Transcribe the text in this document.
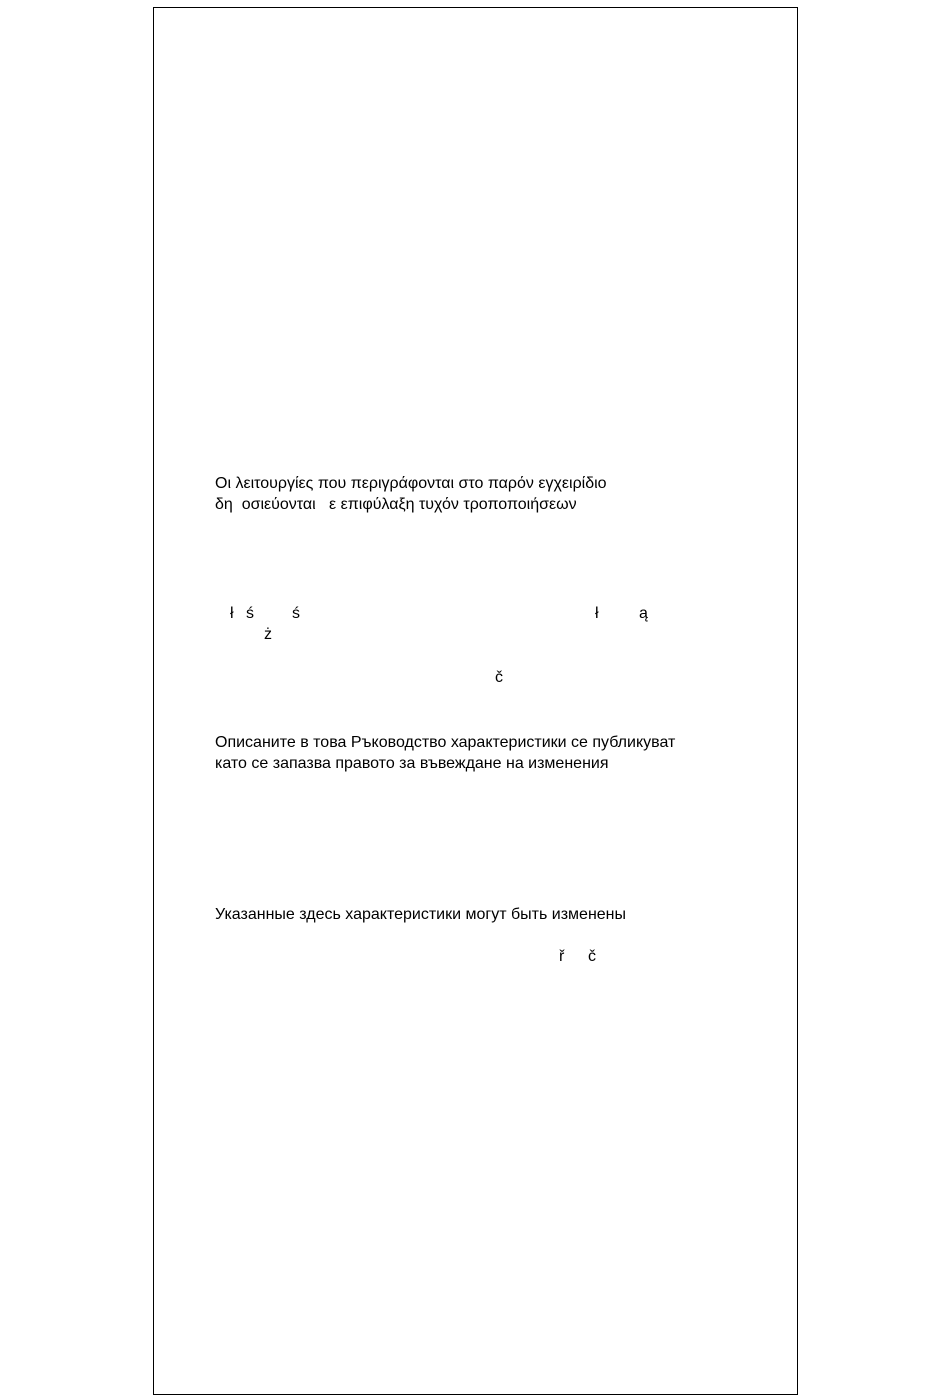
Οι λειτουργίες που περιγράφονται στο παρόν εγχειρίδιο

δη  οσιεύονται   ε επιφύλαξη τυχόν τροποποιήσεων

ł ś ś
ż
ł	ą
č

Описаните в това Ръководство характеристики се публикуват

като се запазва правото за въвеждане на изменения

Указанные здесь характеристики могут быть изменены

ř č
